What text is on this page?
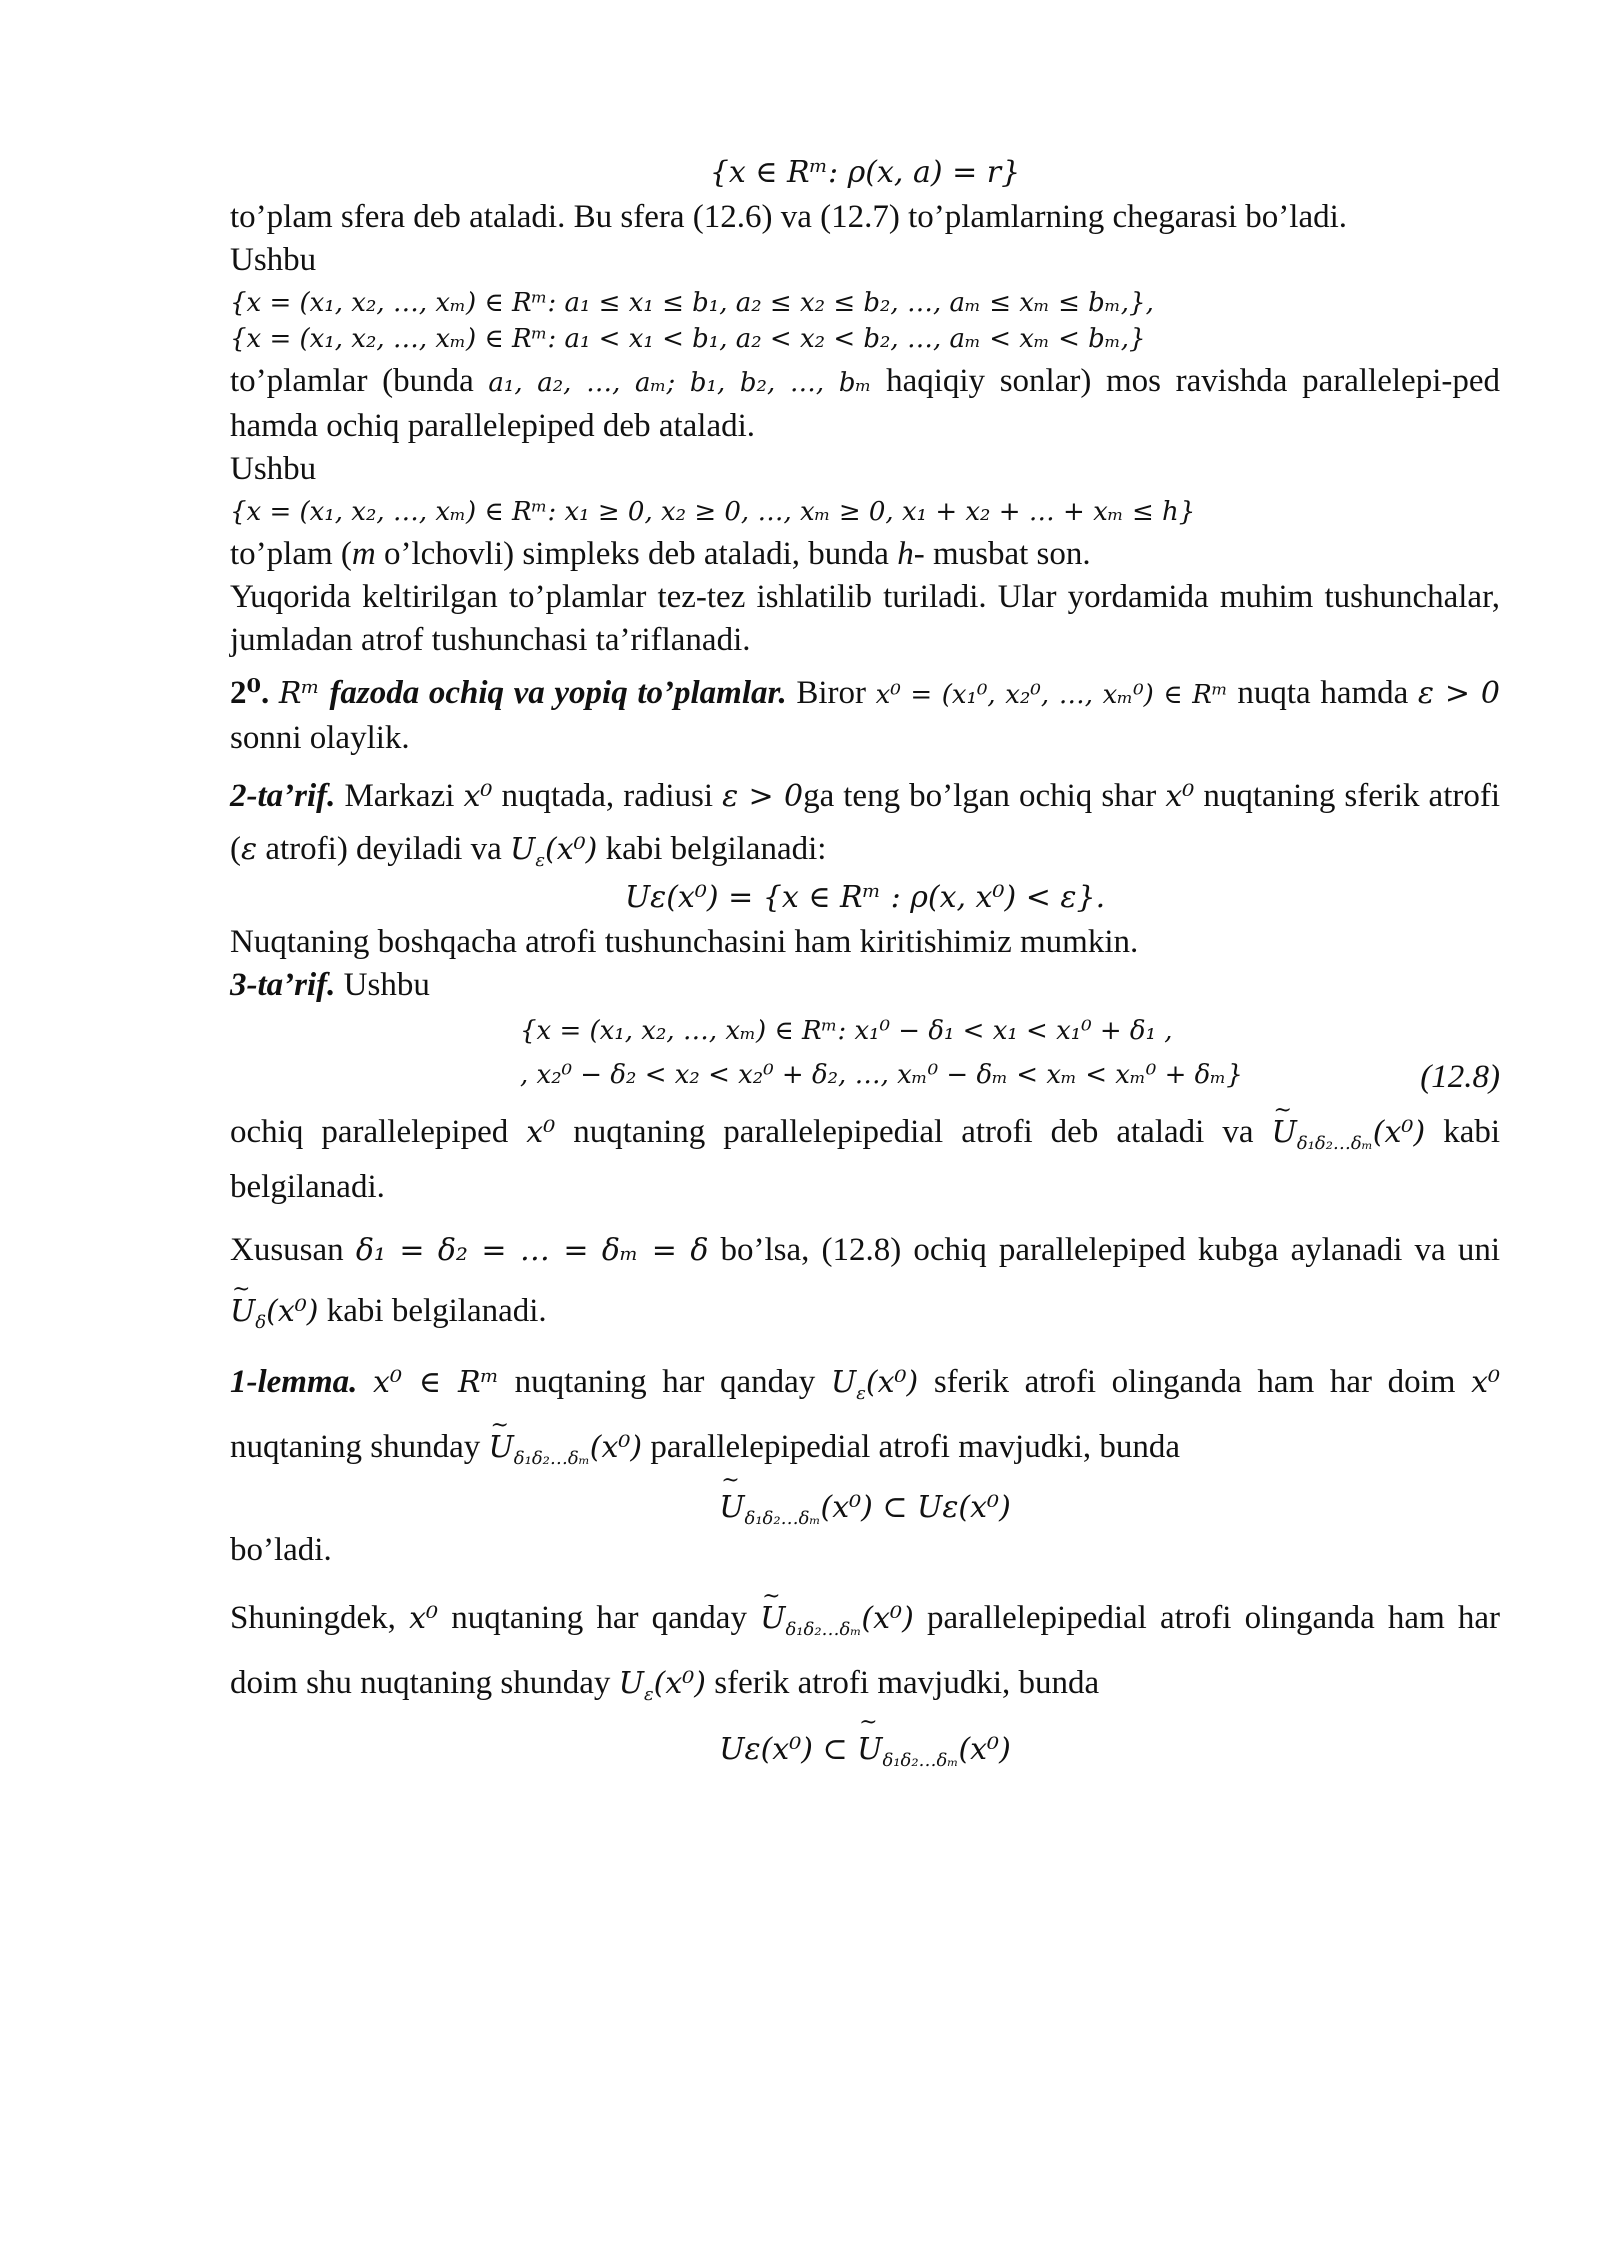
{x ∈ Rᵐ: ρ(x, a) = r}

to’plam sfera deb ataladi. Bu sfera (12.6) va (12.7) to’plamlarning chegarasi bo’ladi.

Ushbu

{x = (x₁, x₂, …, xₘ) ∈ Rᵐ: a₁ ≤ x₁ ≤ b₁, a₂ ≤ x₂ ≤ b₂, …, aₘ ≤ xₘ ≤ bₘ,} ,
{x = (x₁, x₂, …, xₘ) ∈ Rᵐ: a₁ < x₁ < b₁, a₂ < x₂ < b₂, …, aₘ < xₘ < bₘ,}

to’plamlar (bunda a₁, a₂, …, aₘ; b₁, b₂, …, bₘ haqiqiy sonlar) mos ravishda parallelepi-ped hamda ochiq parallelepiped deb ataladi.

Ushbu

{x = (x₁, x₂, …, xₘ) ∈ Rᵐ: x₁ ≥ 0, x₂ ≥ 0, …, xₘ ≥ 0, x₁ + x₂ + … + xₘ ≤ h}

to’plam (m o’lchovli) simpleks deb ataladi, bunda h- musbat son.

Yuqorida keltirilgan to’plamlar tez-tez ishlatilib turiladi. Ular yordamida muhim tushunchalar, jumladan atrof tushunchasi ta’riflanadi.

2⁰. Rᵐ fazoda ochiq va yopiq to’plamlar. Biror x⁰ = (x₁⁰, x₂⁰, …, xₘ⁰) ∈ Rᵐ nuqta hamda ε > 0 sonni olaylik.

2-ta’rif. Markazi x⁰ nuqtada, radiusi ε > 0ga teng bo’lgan ochiq shar x⁰ nuqtaning sferik atrofi (ε atrofi) deyiladi va $U_\varepsilon(x^0)$ kabi belgilanadi:

Uε(x⁰) = {x ∈ Rᵐ : ρ(x, x⁰) < ε}.

Nuqtaning boshqacha atrofi tushunchasini ham kiritishimiz mumkin.

3-ta’rif. Ushbu

{x = (x₁, x₂, …, xₘ) ∈ Rᵐ: x₁⁰ − δ₁ < x₁ < x₁⁰ + δ₁ ,
, x₂⁰ − δ₂ < x₂ < x₂⁰ + δ₂, …, xₘ⁰ − δₘ < xₘ < xₘ⁰ + δₘ}	(12.8)

ochiq parallelepiped x⁰ nuqtaning parallelepipedial atrofi deb ataladi va ~ $U_{\delta_1\delta_2\dots\delta_m}(x^0)$ kabi belgilanadi.

Xususan δ₁ = δ₂ = … = δₘ = δ bo’lsa, (12.8) ochiq parallelepiped kubga aylanadi va uni ~ $U_\delta(x^0)$ kabi belgilanadi.

1-lemma. x⁰ ∈ Rᵐ nuqtaning har qanday $U_\varepsilon(x^0)$ sferik atrofi olinganda ham har doim x⁰ nuqtaning shunday ~ $U_{\delta_1\delta_2\dots\delta_m}(x^0)$ parallelepipedial atrofi mavjudki, bunda

~ $U_{\delta_1\delta_2\dots\delta_m}(x^0)$ ⊂ Uε(x⁰)

bo’ladi.

Shuningdek, x⁰ nuqtaning har qanday ~ $U_{\delta_1\delta_2\dots\delta_m}(x^0)$ parallelepipedial atrofi olinganda ham har doim shu nuqtaning shunday $U_\varepsilon(x^0)$ sferik atrofi mavjudki, bunda

Uε(x⁰) ⊂ ~ $U_{\delta_1\delta_2\dots\delta_m}(x^0)$
